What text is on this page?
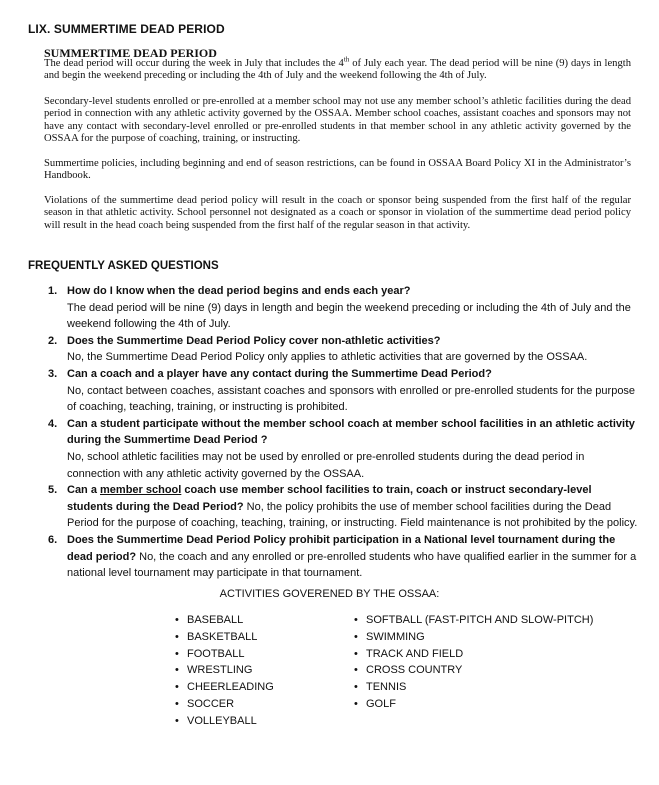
LIX. SUMMERTIME DEAD PERIOD
SUMMERTIME DEAD PERIOD

The dead period will occur during the week in July that includes the 4th of July each year. The dead period will be nine (9) days in length and begin the weekend preceding or including the 4th of July and the weekend following the 4th of July.

Secondary-level students enrolled or pre-enrolled at a member school may not use any member school’s athletic facilities during the dead period in connection with any athletic activity governed by the OSSAA. Member school coaches, assistant coaches and sponsors may not have any contact with secondary-level enrolled or pre-enrolled students in that member school in any athletic activity governed by the OSSAA for the purpose of coaching, training, or instructing.

Summertime policies, including beginning and end of season restrictions, can be found in OSSAA Board Policy XI in the Administrator’s Handbook.

Violations of the summertime dead period policy will result in the coach or sponsor being suspended from the first half of the regular season in that athletic activity. School personnel not designated as a coach or sponsor in violation of the summertime dead period policy will result in the head coach being suspended from the first half of the regular season in that activity.

FREQUENTLY ASKED QUESTIONS
1. How do I know when the dead period begins and ends each year?
The dead period will be nine (9) days in length and begin the weekend preceding or including the 4th of July and the weekend following the 4th of July.
2. Does the Summertime Dead Period Policy cover non-athletic activities?
No, the Summertime Dead Period Policy only applies to athletic activities that are governed by the OSSAA.
3. Can a coach and a player have any contact during the Summertime Dead Period?
No, contact between coaches, assistant coaches and sponsors with enrolled or pre-enrolled students for the purpose of coaching, teaching, training, or instructing is prohibited.
4. Can a student participate without the member school coach at member school facilities in an athletic activity during the Summertime Dead Period ?
No, school athletic facilities may not be used by enrolled or pre-enrolled students during the dead period in connection with any athletic activity governed by the OSSAA.
5. Can a member school coach use member school facilities to train, coach or instruct secondary-level students during the Dead Period? No, the policy prohibits the use of member school facilities during the Dead Period for the purpose of coaching, teaching, training, or instructing. Field maintenance is not prohibited by the policy.
6. Does the Summertime Dead Period Policy prohibit participation in a National level tournament during the dead period? No, the coach and any enrolled or pre-enrolled students who have qualified earlier in the summer for a national level tournament may participate in that tournament.
ACTIVITIES GOVERENED BY THE OSSAA:
• BASEBALL
• BASKETBALL
• FOOTBALL
• WRESTLING
• CHEERLEADING
• SOCCER
• VOLLEYBALL
• SOFTBALL (FAST-PITCH AND SLOW-PITCH)
• SWIMMING
• TRACK AND FIELD
• CROSS COUNTRY
• TENNIS
• GOLF
